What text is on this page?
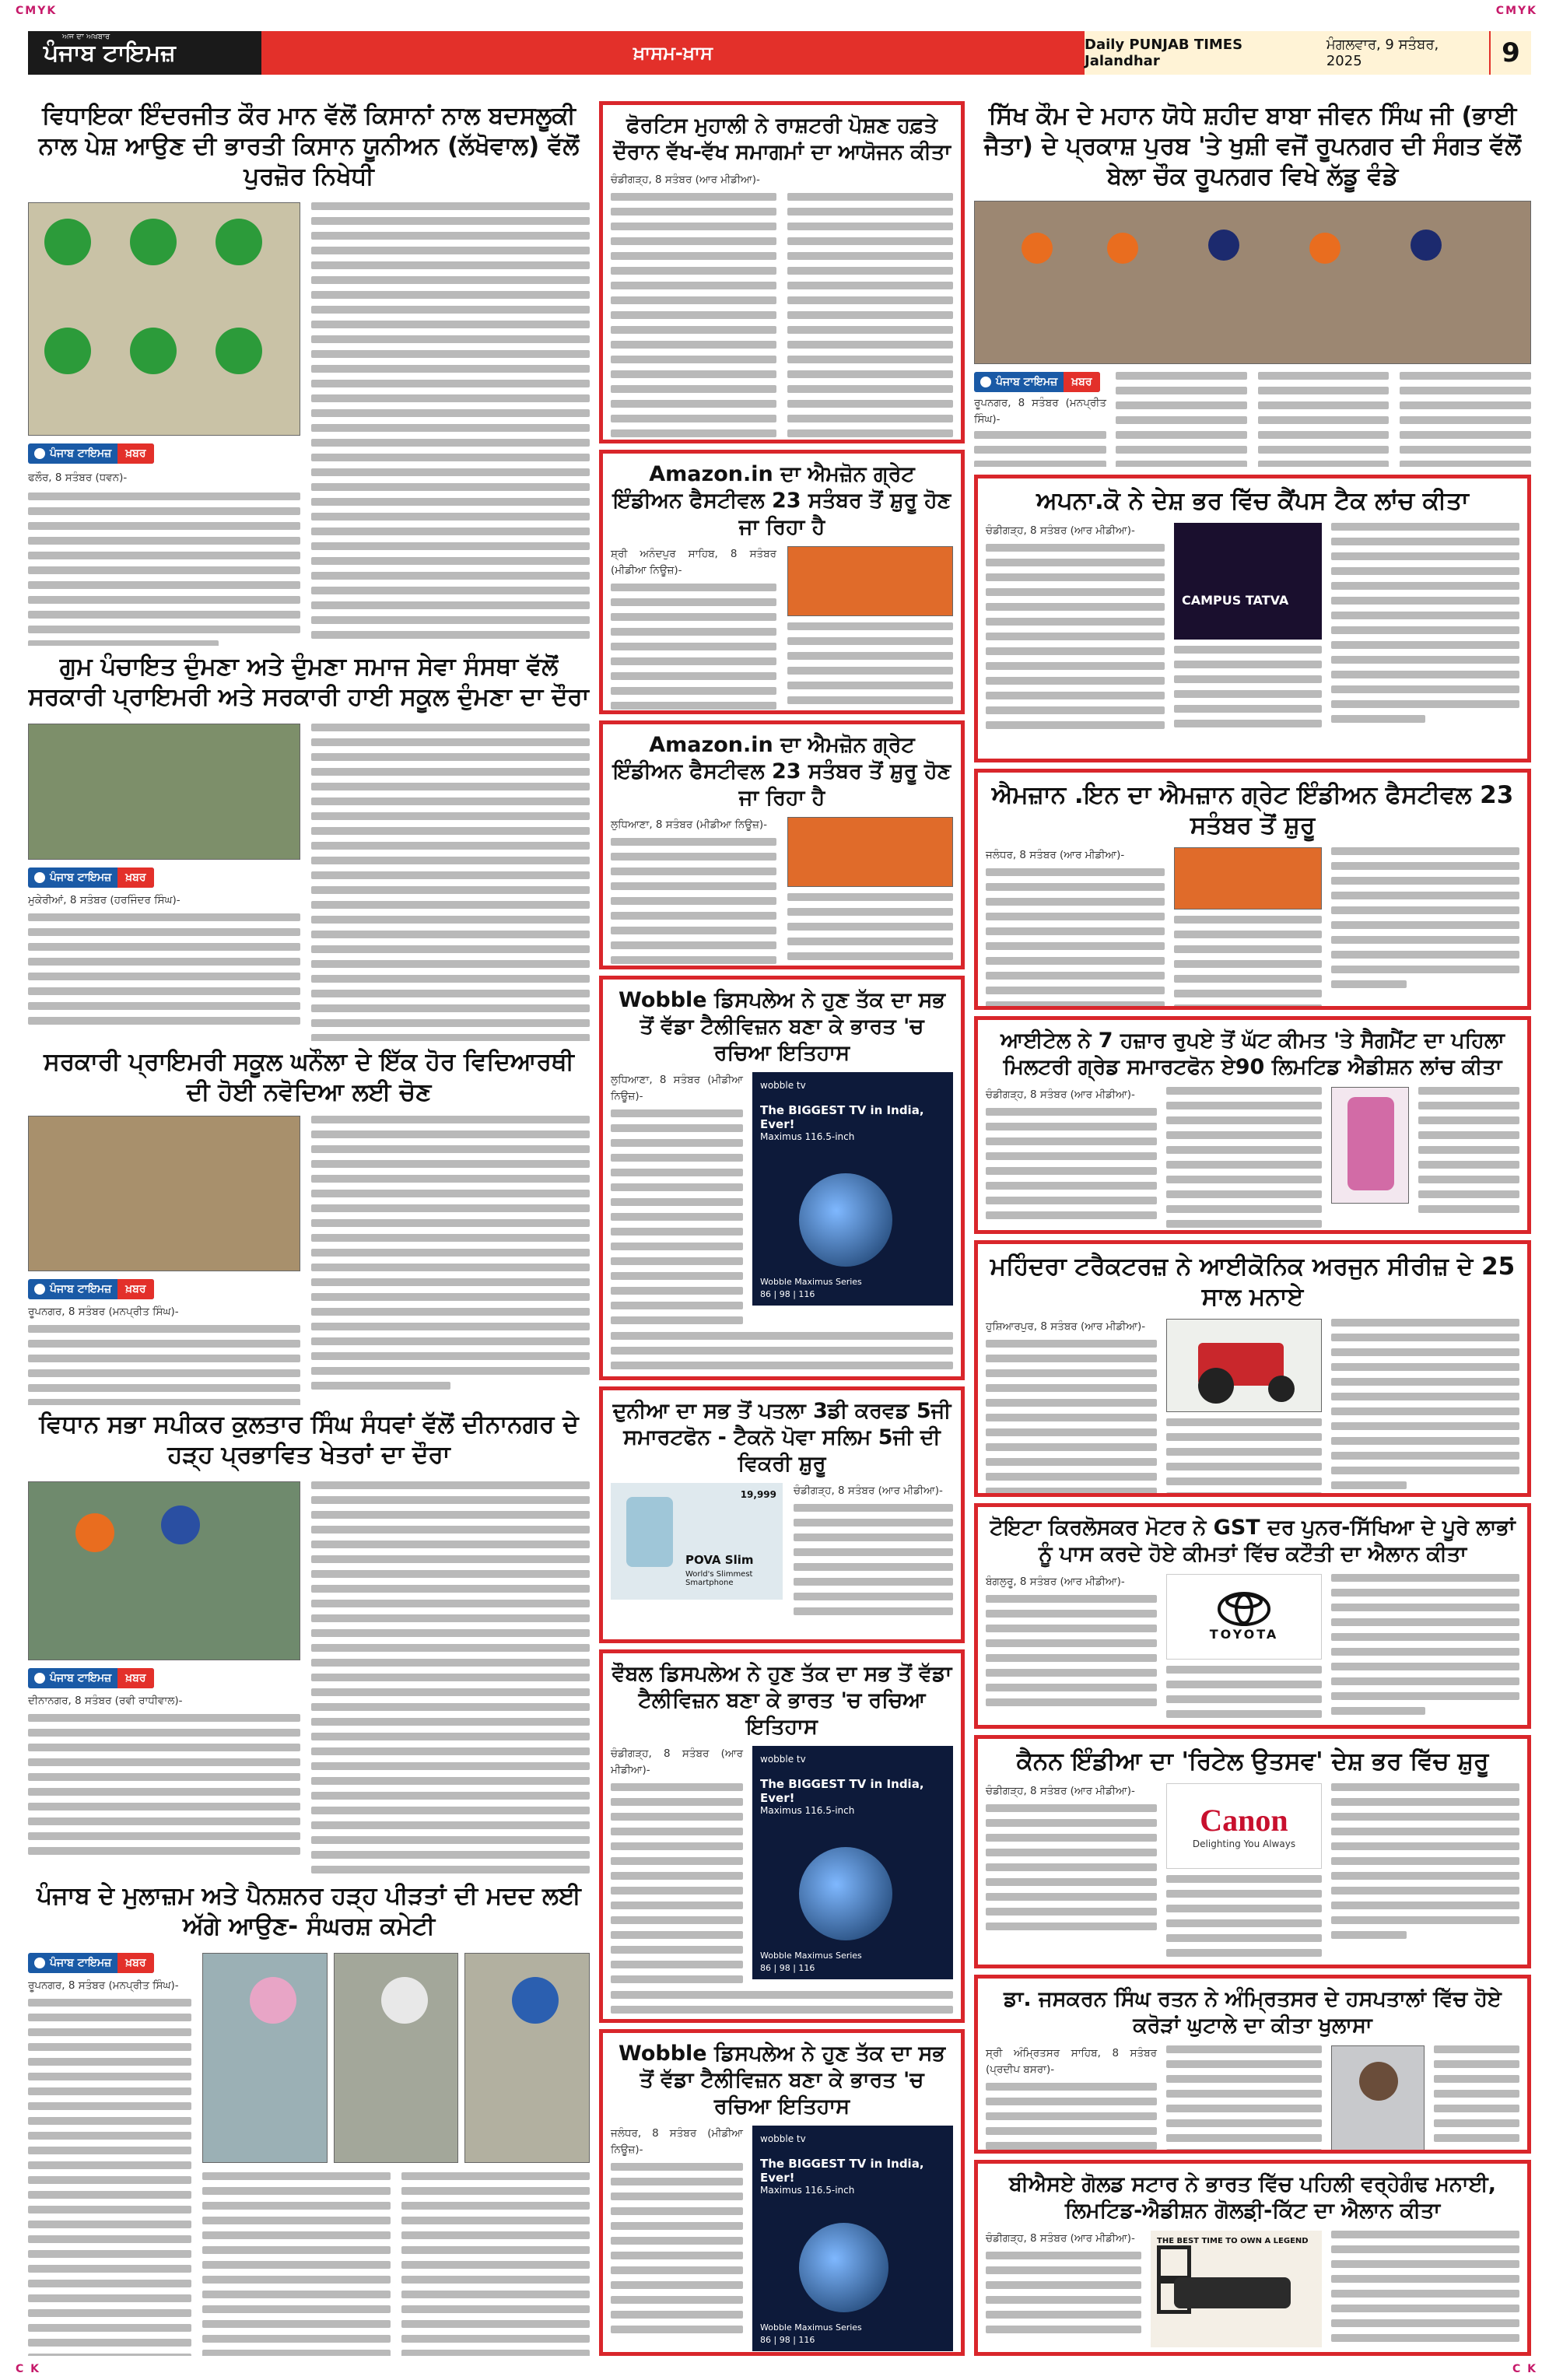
CMYK	CMYK
C K	C K
ਅਜ ਦਾ ਅਖਬਾਰ
ਪੰਜਾਬ ਟਾਇਮਜ਼	ਖ਼ਾਸਮ-ਖ਼ਾਸ	Daily PUNJAB TIMES Jalandhar
ਮੰਗਲਵਾਰ, 9 ਸਤੰਬਰ, 2025	9
ਵਿਧਾਇਕਾ ਇੰਦਰਜੀਤ ਕੌਰ ਮਾਨ ਵੱਲੋਂ ਕਿਸਾਨਾਂ ਨਾਲ ਬਦਸਲੂਕੀ ਨਾਲ ਪੇਸ਼ ਆਉਣ ਦੀ ਭਾਰਤੀ ਕਿਸਾਨ ਯੂਨੀਅਨ (ਲੱਖੋਵਾਲ) ਵੱਲੋਂ ਪੁਰਜ਼ੋਰ ਨਿਖੇਧੀ
ਪੰਜਾਬ ਟਾਇਮਜ਼	ਖ਼ਬਰ

ਫਲੌਰ, 8 ਸਤੰਬਰ (ਧਵਨ)-

ਗੁਮ ਪੰਚਾਇਤ ਦੁੰਮਣਾ ਅਤੇ ਦੁੰਮਣਾ ਸਮਾਜ ਸੇਵਾ ਸੰਸਥਾ ਵੱਲੋਂ ਸਰਕਾਰੀ ਪ੍ਰਾਇਮਰੀ ਅਤੇ ਸਰਕਾਰੀ ਹਾਈ ਸਕੂਲ ਦੁੰਮਣਾ ਦਾ ਦੌਰਾ
ਪੰਜਾਬ ਟਾਇਮਜ਼	ਖ਼ਬਰ

ਮੁਕੇਰੀਆਂ, 8 ਸਤੰਬਰ (ਹਰਜਿੰਦਰ ਸਿੰਘ)-

ਸਰਕਾਰੀ ਪ੍ਰਾਇਮਰੀ ਸਕੂਲ ਘਨੌਲਾ ਦੇ ਇੱਕ ਹੋਰ ਵਿਦਿਆਰਥੀ ਦੀ ਹੋਈ ਨਵੋਦਿਆ ਲਈ ਚੋਣ
ਪੰਜਾਬ ਟਾਇਮਜ਼	ਖ਼ਬਰ

ਰੂਪਨਗਰ, 8 ਸਤੰਬਰ (ਮਨਪ੍ਰੀਤ ਸਿੰਘ)-

ਵਿਧਾਨ ਸਭਾ ਸਪੀਕਰ ਕੁਲਤਾਰ ਸਿੰਘ ਸੰਧਵਾਂ ਵੱਲੋਂ ਦੀਨਾਨਗਰ ਦੇ ਹੜ੍ਹ ਪ੍ਰਭਾਵਿਤ ਖੇਤਰਾਂ ਦਾ ਦੌਰਾ
ਪੰਜਾਬ ਟਾਇਮਜ਼	ਖ਼ਬਰ

ਦੀਨਾਨਗਰ, 8 ਸਤੰਬਰ (ਰਵੀ ਰਾਧੀਵਾਲ)-

ਪੰਜਾਬ ਦੇ ਮੁਲਾਜ਼ਮ ਅਤੇ ਪੈਨਸ਼ਨਰ ਹੜ੍ਹ ਪੀੜਤਾਂ ਦੀ ਮਦਦ ਲਈ ਅੱਗੇ ਆਉਣ- ਸੰਘਰਸ਼ ਕਮੇਟੀ
ਪੰਜਾਬ ਟਾਇਮਜ਼	ਖ਼ਬਰ

ਰੂਪਨਗਰ, 8 ਸਤੰਬਰ (ਮਨਪ੍ਰੀਤ ਸਿੰਘ)-

ਫੋਰਟਿਸ ਮੁਹਾਲੀ ਨੇ ਰਾਸ਼ਟਰੀ ਪੋਸ਼ਣ ਹਫ਼ਤੇ ਦੌਰਾਨ ਵੱਖ-ਵੱਖ ਸਮਾਗਮਾਂ ਦਾ ਆਯੋਜਨ ਕੀਤਾ

ਚੰਡੀਗੜ੍ਹ, 8 ਸਤੰਬਰ (ਆਰ ਮੀਡੀਆ)-

Amazon.in ਦਾ ਐਮਜ਼ੋਨ ਗ੍ਰੇਟ ਇੰਡੀਅਨ ਫੈਸਟੀਵਲ 23 ਸਤੰਬਰ ਤੋਂ ਸ਼ੁਰੂ ਹੋਣ ਜਾ ਰਿਹਾ ਹੈ

ਸ਼੍ਰੀ ਅਨੰਦਪੁਰ ਸਾਹਿਬ, 8 ਸਤੰਬਰ (ਮੀਡੀਆ ਨਿਊਜ਼)-

Amazon.in ਦਾ ਐਮਜ਼ੋਨ ਗ੍ਰੇਟ ਇੰਡੀਅਨ ਫੈਸਟੀਵਲ 23 ਸਤੰਬਰ ਤੋਂ ਸ਼ੁਰੂ ਹੋਣ ਜਾ ਰਿਹਾ ਹੈ

ਲੁਧਿਆਣਾ, 8 ਸਤੰਬਰ (ਮੀਡੀਆ ਨਿਊਜ਼)-

Wobble ਡਿਸਪਲੇਅ ਨੇ ਹੁਣ ਤੱਕ ਦਾ ਸਭ ਤੋਂ ਵੱਡਾ ਟੈਲੀਵਿਜ਼ਨ ਬਣਾ ਕੇ ਭਾਰਤ 'ਚ ਰਚਿਆ ਇਤਿਹਾਸ

ਲੁਧਿਆਣਾ, 8 ਸਤੰਬਰ (ਮੀਡੀਆ ਨਿਊਜ਼)-

wobble tv
The BIGGEST TV in India, Ever!
Maximus 116.5-inch
Wobble Maximus Series
86 | 98 | 116
ਦੁਨੀਆ ਦਾ ਸਭ ਤੋਂ ਪਤਲਾ 3ਡੀ ਕਰਵਡ 5ਜੀ ਸਮਾਰਟਫੋਨ - ਟੈਕਨੋ ਪੋਵਾ ਸਲਿਮ 5ਜੀ ਦੀ ਵਿਕਰੀ ਸ਼ੁਰੂ
POVA Slim
World's Slimmest Smartphone
19,999 ਚੰਡੀਗੜ੍ਹ, 8 ਸਤੰਬਰ (ਆਰ ਮੀਡੀਆ)-

ਵੌਬਲ ਡਿਸਪਲੇਅ ਨੇ ਹੁਣ ਤੱਕ ਦਾ ਸਭ ਤੋਂ ਵੱਡਾ ਟੈਲੀਵਿਜ਼ਨ ਬਣਾ ਕੇ ਭਾਰਤ 'ਚ ਰਚਿਆ ਇਤਿਹਾਸ

ਚੰਡੀਗੜ੍ਹ, 8 ਸਤੰਬਰ (ਆਰ ਮੀਡੀਆ)-

wobble tv
The BIGGEST TV in India, Ever!
Maximus 116.5-inch
Wobble Maximus Series
86 | 98 | 116
Wobble ਡਿਸਪਲੇਅ ਨੇ ਹੁਣ ਤੱਕ ਦਾ ਸਭ ਤੋਂ ਵੱਡਾ ਟੈਲੀਵਿਜ਼ਨ ਬਣਾ ਕੇ ਭਾਰਤ 'ਚ ਰਚਿਆ ਇਤਿਹਾਸ

ਜਲੰਧਰ, 8 ਸਤੰਬਰ (ਮੀਡੀਆ ਨਿਊਜ਼)-

wobble tv
The BIGGEST TV in India, Ever!
Maximus 116.5-inch
Wobble Maximus Series
86 | 98 | 116
ਸਿੱਖ ਕੌਮ ਦੇ ਮਹਾਨ ਯੋਧੇ ਸ਼ਹੀਦ ਬਾਬਾ ਜੀਵਨ ਸਿੰਘ ਜੀ (ਭਾਈ ਜੈਤਾ) ਦੇ ਪ੍ਰਕਾਸ਼ ਪੁਰਬ 'ਤੇ ਖੁਸ਼ੀ ਵਜੋਂ ਰੂਪਨਗਰ ਦੀ ਸੰਗਤ ਵੱਲੋਂ ਬੇਲਾ ਚੌਕ ਰੂਪਨਗਰ ਵਿਖੇ ਲੱਡੂ ਵੰਡੇ
ਪੰਜਾਬ ਟਾਇਮਜ਼	ਖ਼ਬਰ

ਰੂਪਨਗਰ, 8 ਸਤੰਬਰ (ਮਨਪ੍ਰੀਤ ਸਿੰਘ)-

ਅਪਨਾ.ਕੋ ਨੇ ਦੇਸ਼ ਭਰ ਵਿੱਚ ਕੈਂਪਸ ਟੈਕ ਲਾਂਚ ਕੀਤਾ

ਚੰਡੀਗੜ੍ਹ, 8 ਸਤੰਬਰ (ਆਰ ਮੀਡੀਆ)-

CAMPUS TATVA
ਐਮਜ਼ਾਨ .ਇਨ ਦਾ ਐਮਜ਼ਾਨ ਗ੍ਰੇਟ ਇੰਡੀਅਨ ਫੈਸਟੀਵਲ 23 ਸਤੰਬਰ ਤੋਂ ਸ਼ੁਰੂ

ਜਲੰਧਰ, 8 ਸਤੰਬਰ (ਆਰ ਮੀਡੀਆ)-

ਆਈਟੇਲ ਨੇ 7 ਹਜ਼ਾਰ ਰੁਪਏ ਤੋਂ ਘੱਟ ਕੀਮਤ 'ਤੇ ਸੈਗਮੈਂਟ ਦਾ ਪਹਿਲਾ ਮਿਲਟਰੀ ਗ੍ਰੇਡ ਸਮਾਰਟਫੋਨ ਏ90 ਲਿਮਟਿਡ ਐਡੀਸ਼ਨ ਲਾਂਚ ਕੀਤਾ

ਚੰਡੀਗੜ੍ਹ, 8 ਸਤੰਬਰ (ਆਰ ਮੀਡੀਆ)-

ਮਹਿੰਦਰਾ ਟਰੈਕਟਰਜ਼ ਨੇ ਆਈਕੋਨਿਕ ਅਰਜੁਨ ਸੀਰੀਜ਼ ਦੇ 25 ਸਾਲ ਮਨਾਏ

ਹੁਸ਼ਿਆਰਪੁਰ, 8 ਸਤੰਬਰ (ਆਰ ਮੀਡੀਆ)-

ਟੋਇਟਾ ਕਿਰਲੋਸਕਰ ਮੋਟਰ ਨੇ GST ਦਰ ਪੁਨਰ-ਸਿੱਖਿਆ ਦੇ ਪੂਰੇ ਲਾਭਾਂ ਨੂੰ ਪਾਸ ਕਰਦੇ ਹੋਏ ਕੀਮਤਾਂ ਵਿੱਚ ਕਟੌਤੀ ਦਾ ਐਲਾਨ ਕੀਤਾ

ਬੰਗਲੁਰੂ, 8 ਸਤੰਬਰ (ਆਰ ਮੀਡੀਆ)-

TOYOTA
ਕੈਨਨ ਇੰਡੀਆ ਦਾ 'ਰਿਟੇਲ ਉਤਸਵ' ਦੇਸ਼ ਭਰ ਵਿੱਚ ਸ਼ੁਰੂ

ਚੰਡੀਗੜ੍ਹ, 8 ਸਤੰਬਰ (ਆਰ ਮੀਡੀਆ)-

Canon
Delighting You Always
ਡਾ. ਜਸਕਰਨ ਸਿੰਘ ਰਤਨ ਨੇ ਅੰਮ੍ਰਿਤਸਰ ਦੇ ਹਸਪਤਾਲਾਂ ਵਿੱਚ ਹੋਏ ਕਰੋੜਾਂ ਘੁਟਾਲੇ ਦਾ ਕੀਤਾ ਖੁਲਾਸਾ

ਸ੍ਰੀ ਅੰਮ੍ਰਿਤਸਰ ਸਾਹਿਬ, 8 ਸਤੰਬਰ (ਪ੍ਰਦੀਪ ਬਸਰਾ)-

ਬੀਐਸਏ ਗੋਲਡ ਸਟਾਰ ਨੇ ਭਾਰਤ ਵਿੱਚ ਪਹਿਲੀ ਵਰ੍ਹੇਗੰਢ ਮਨਾਈ, ਲਿਮਟਿਡ-ਐਡੀਸ਼ਨ ਗੋਲਡ਼ੀ-ਕਿੱਟ ਦਾ ਐਲਾਨ ਕੀਤਾ

ਚੰਡੀਗੜ੍ਹ, 8 ਸਤੰਬਰ (ਆਰ ਮੀਡੀਆ)-	THE BEST TIME TO OWN A LEGEND
